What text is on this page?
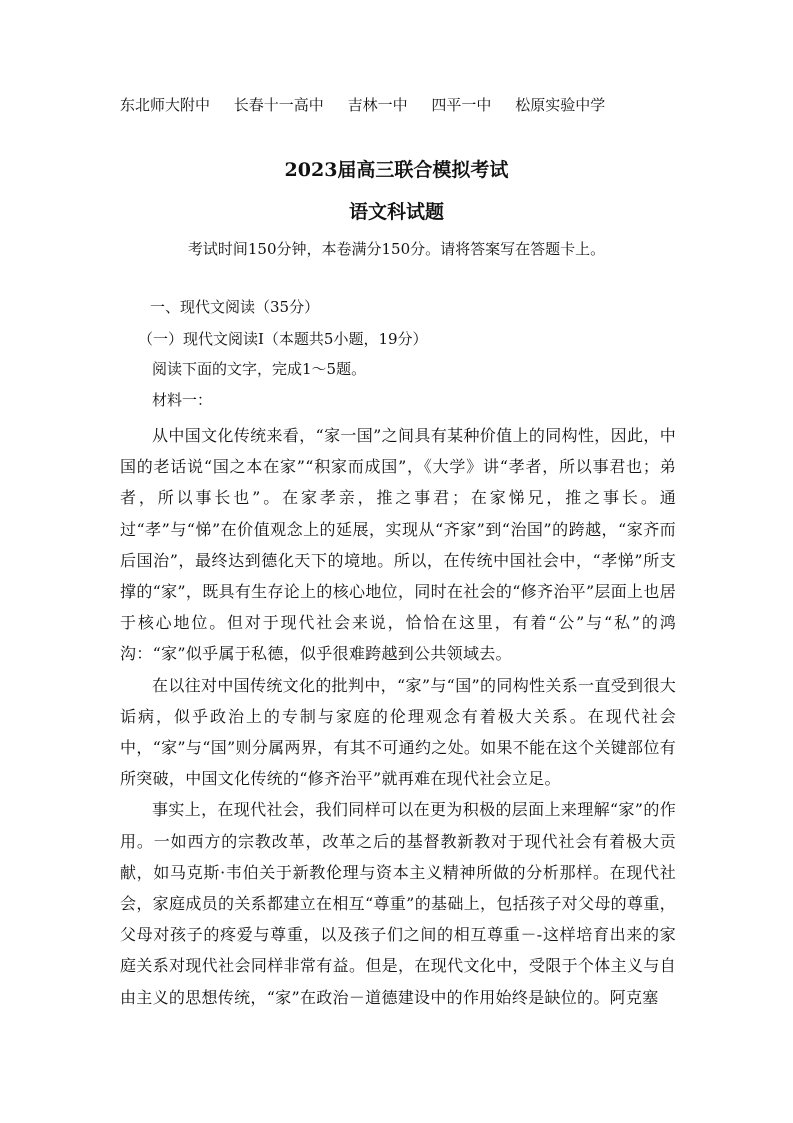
东北师大附中 长春十一高中 吉林一中 四平一中 松原实验中学
2023届高三联合模拟考试
语文科试题
考试时间150分钟，本卷满分150分。请将答案写在答题卡上。
一、现代文阅读（35分）
（一）现代文阅读Ⅰ（本题共5小题，19分）
阅读下面的文字，完成1～5题。
材料一：

从中国文化传统来看，“家一国”之间具有某种价值上的同构性，因此，中国的老话说“国之本在家”“积家而成国”，《大学》讲“孝者，所以事君也；弟者，所以事长也”。在家孝亲，推之事君；在家悌兄，推之事长。通过“孝”与“悌”在价值观念上的延展，实现从“齐家”到“治国”的跨越，“家齐而后国治”，最终达到德化天下的境地。所以，在传统中国社会中，“孝悌”所支撑的“家”，既具有生存论上的核心地位，同时在社会的“修齐治平”层面上也居于核心地位。但对于现代社会来说，恰恰在这里，有着“公”与“私”的鸿沟：“家”似乎属于私德，似乎很难跨越到公共领域去。

在以往对中国传统文化的批判中，“家”与“国”的同构性关系一直受到很大诟病，似乎政治上的专制与家庭的伦理观念有着极大关系。在现代社会中，“家”与“国”则分属两界，有其不可通约之处。如果不能在这个关键部位有所突破，中国文化传统的“修齐治平”就再难在现代社会立足。

事实上，在现代社会，我们同样可以在更为积极的层面上来理解“家”的作用。一如西方的宗教改革，改革之后的基督教新教对于现代社会有着极大贡献，如马克斯·韦伯关于新教伦理与资本主义精神所做的分析那样。在现代社会，家庭成员的关系都建立在相互“尊重”的基础上，包括孩子对父母的尊重，父母对孩子的疼爱与尊重，以及孩子们之间的相互尊重－-这样培育出来的家庭关系对现代社会同样非常有益。但是，在现代文化中，受限于个体主义与自由主义的思想传统，“家”在政治－道德建设中的作用始终是缺位的。阿克塞
